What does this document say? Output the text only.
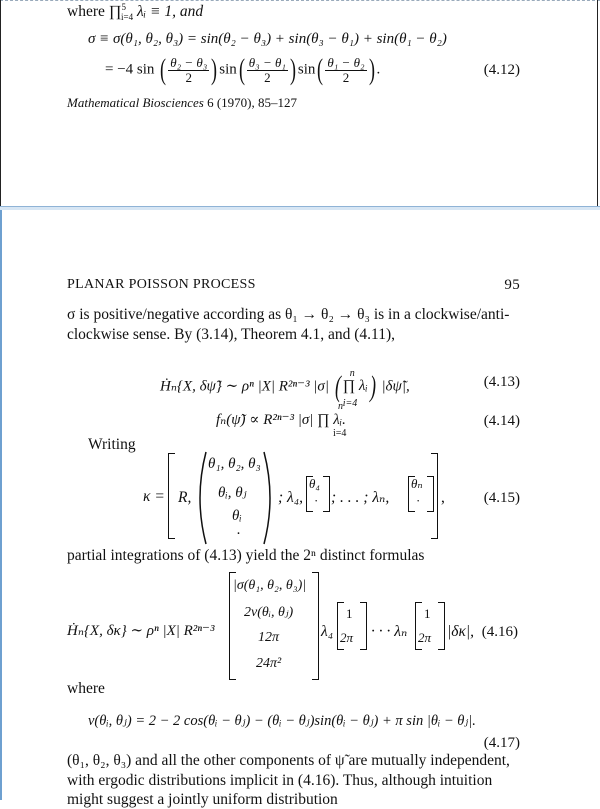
where ∏$^5_{i=4}$ λᵢ ≡ 1, and
σ ≡ σ(θ₁, θ₂, θ₃) = sin(θ₂ − θ₃) + sin(θ₃ − θ₁) + sin(θ₁ − θ₂)
= −4 sin ( $\frac{\text{θ₂ − θ₃}}{2}$ ) $\sin( \frac{\text{θ₃ − θ₁}}{2}$ ) $\sin( \frac{\text{θ₁ − θ₂}}{2}$ ) .	(4.12)
Mathematical Biosciences 6 (1970), 85–127
PLANAR POISSON PROCESS	95
σ is positive/negative according as θ₁ → θ₂ → θ₃ is in a clockwise/anti-
clockwise sense. By (3.14), Theorem 4.1, and (4.11),
Ḣₙ{X, δψ̃} ∼ ρⁿ |X| R²ⁿ⁻³ |σ| ( n
∏ λᵢ
i=4
) |δψ̃|,	(4.13)
fₙ(ψ̃) ∝ R²ⁿ⁻³ |σ| ∏ λᵢ.
n
i=4
(4.14)
Writing
κ = R,
θ₁, θ₂, θ₃
θᵢ, θⱼ
θᵢ
·
; λ₄,
θ₄
· ; . . . ; λₙ,
θₙ
· ,	(4.15)
partial integrations of (4.13) yield the 2ⁿ distinct formulas
Ḣₙ{X, δκ} ∼ ρⁿ |X| R²ⁿ⁻³
|σ(θ₁, θ₂, θ₃)|
2v(θᵢ, θⱼ)
12π
24π²
λ₄
1
2π · · · λₙ
1
2π |δκ|, (4.16)
where
v(θᵢ, θⱼ) = 2 − 2 cos(θᵢ − θⱼ) − (θᵢ − θⱼ)sin(θᵢ − θⱼ) + π sin |θᵢ − θⱼ|.
(4.17)
(θ₁, θ₂, θ₃) and all the other components of ψ̃ are mutually independent,
with ergodic distributions implicit in (4.16). Thus, although intuition
might suggest a jointly uniform distribution
